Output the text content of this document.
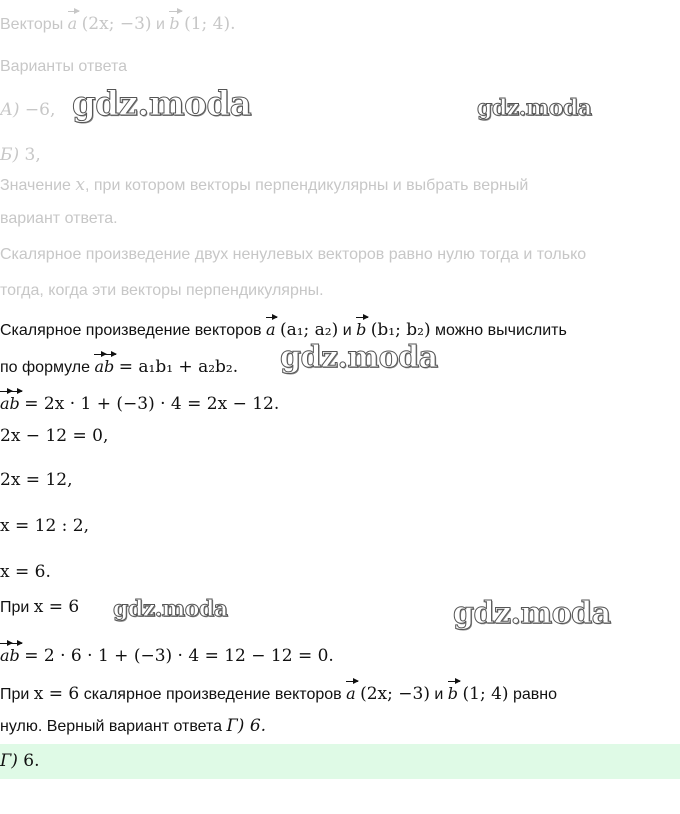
Векторы a (2x; −3) и b (1; 4).
Варианты ответа
А) −6,
Б) 3,
Значение x, при котором векторы перпендикулярны и выбрать верный
вариант ответа.
Скалярное произведение двух ненулевых векторов равно нулю тогда и только
тогда, когда эти векторы перпендикулярны.
Скалярное произведение векторов a (a₁; a₂) и b (b₁; b₂) можно вычислить
по формуле ab = a₁b₁ + a₂b₂.
ab = 2x · 1 + (−3) · 4 = 2x − 12.
2x − 12 = 0,
2x = 12,
x = 12 : 2,
x = 6.
При x = 6
ab = 2 · 6 · 1 + (−3) · 4 = 12 − 12 = 0.
При x = 6 скалярное произведение векторов a (2x; −3) и b (1; 4) равно
нулю. Верный вариант ответа Г) 6.
Г) 6.
gdz.moda	gdz.moda
gdz.moda
gdz.moda	gdz.moda
